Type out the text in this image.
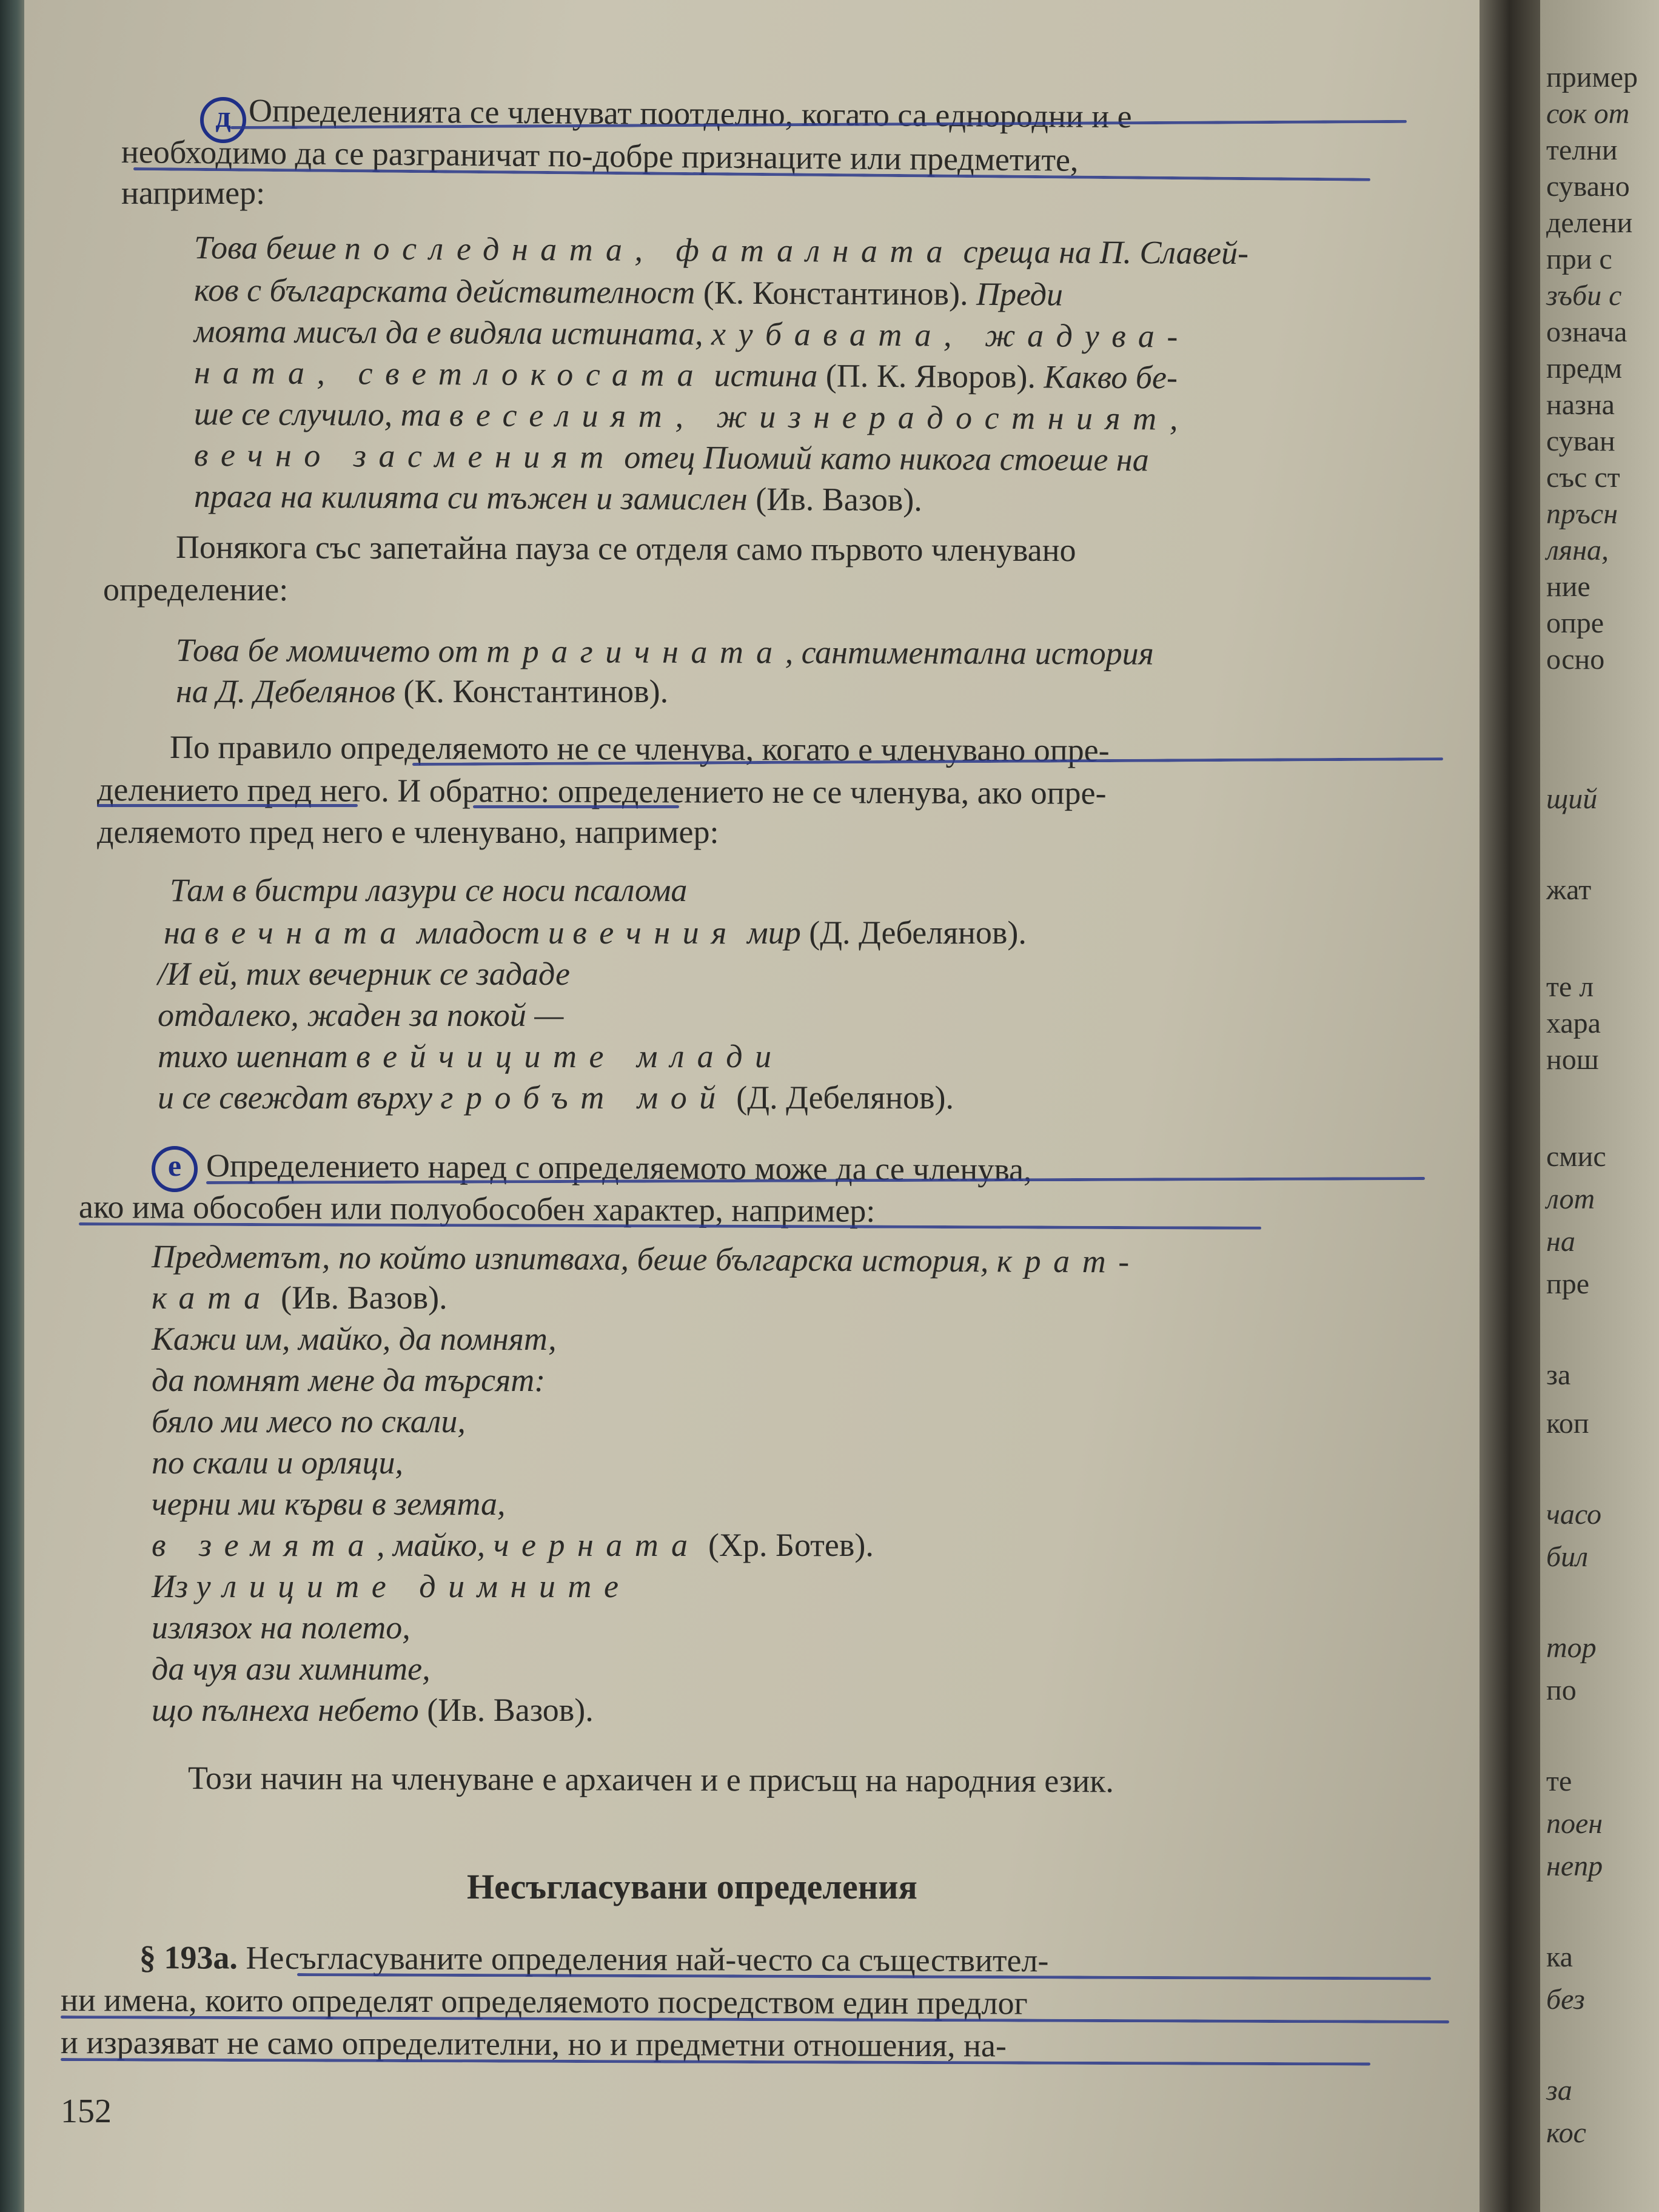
д Определенията се членуват поотделно, когато са еднородни и е
необходимо да се разграничат по-добре признаците или предметите,
например:
Това беше последната, фаталната среща на П. Славей-
ков с българската действителност (К. Константинов). Преди
моята мисъл да е видяла истината, хубавата, жадува-
ната, светлокосата истина (П. К. Яворов). Какво бе-
ше се случило, та веселият, жизнерадостният,
вечно засмeният отец Пиомий като никога стоеше на
прага на килията си тъжен и замислен (Ив. Вазов).
Понякога със запетайна пауза се отделя само първото членувано
определение:
Това бе момичето от трагичната, сантиментална история
на Д. Дебелянов (К. Константинов).
По правило определяемото не се членува, когато е членувано опре-
делението пред него. И обратно: определението не се членува, ако опре-
деляемото пред него е членувано, например:
Там в бистри лазури се носи псалома
на вечната младост и вечния мир (Д. Дебелянов).
/И ей, тих вечерник се зададе
отдалеко, жаден за покой —
тихо шепнат вейчиците млади
и се свеждат върху гробът мой (Д. Дебелянов).
е Определението наред с определяемото може да се членува,
ако има обособен или полуобособен характер, например:
Предметът, по който изпитваха, беше българска история, крат-
ката (Ив. Вазов).
Кажи им, майко, да помнят,
да помнят мене да търсят:
бяло ми месо по скали,
по скали и орляци,
черни ми кърви в земята,
в земята, майко, черната (Хр. Ботев).
Из улиците димните
излязох на полето,
да чуя ази химните,
що пълнеха небето (Ив. Вазов).
Този начин на членуване е архаичен и е присъщ на народния език.
Несъгласувани определения
§ 193а. Несъгласуваните определения най-често са съществител-
ни имена, които определят определяемото посредством един предлог
и изразяват не само определителни, но и предметни отношения, на-
152
пример
сок от
телни
сувано
делени
при с
зъби с
означа
предм
назна
суван
със ст
пръсн
ляна,
ние
опре
осно
щий
жат
те л
хара
нош
смис
лот
на
пре
за
коп
часо
бил
тор
по
те
поен
непр
ка
без
за
кос
